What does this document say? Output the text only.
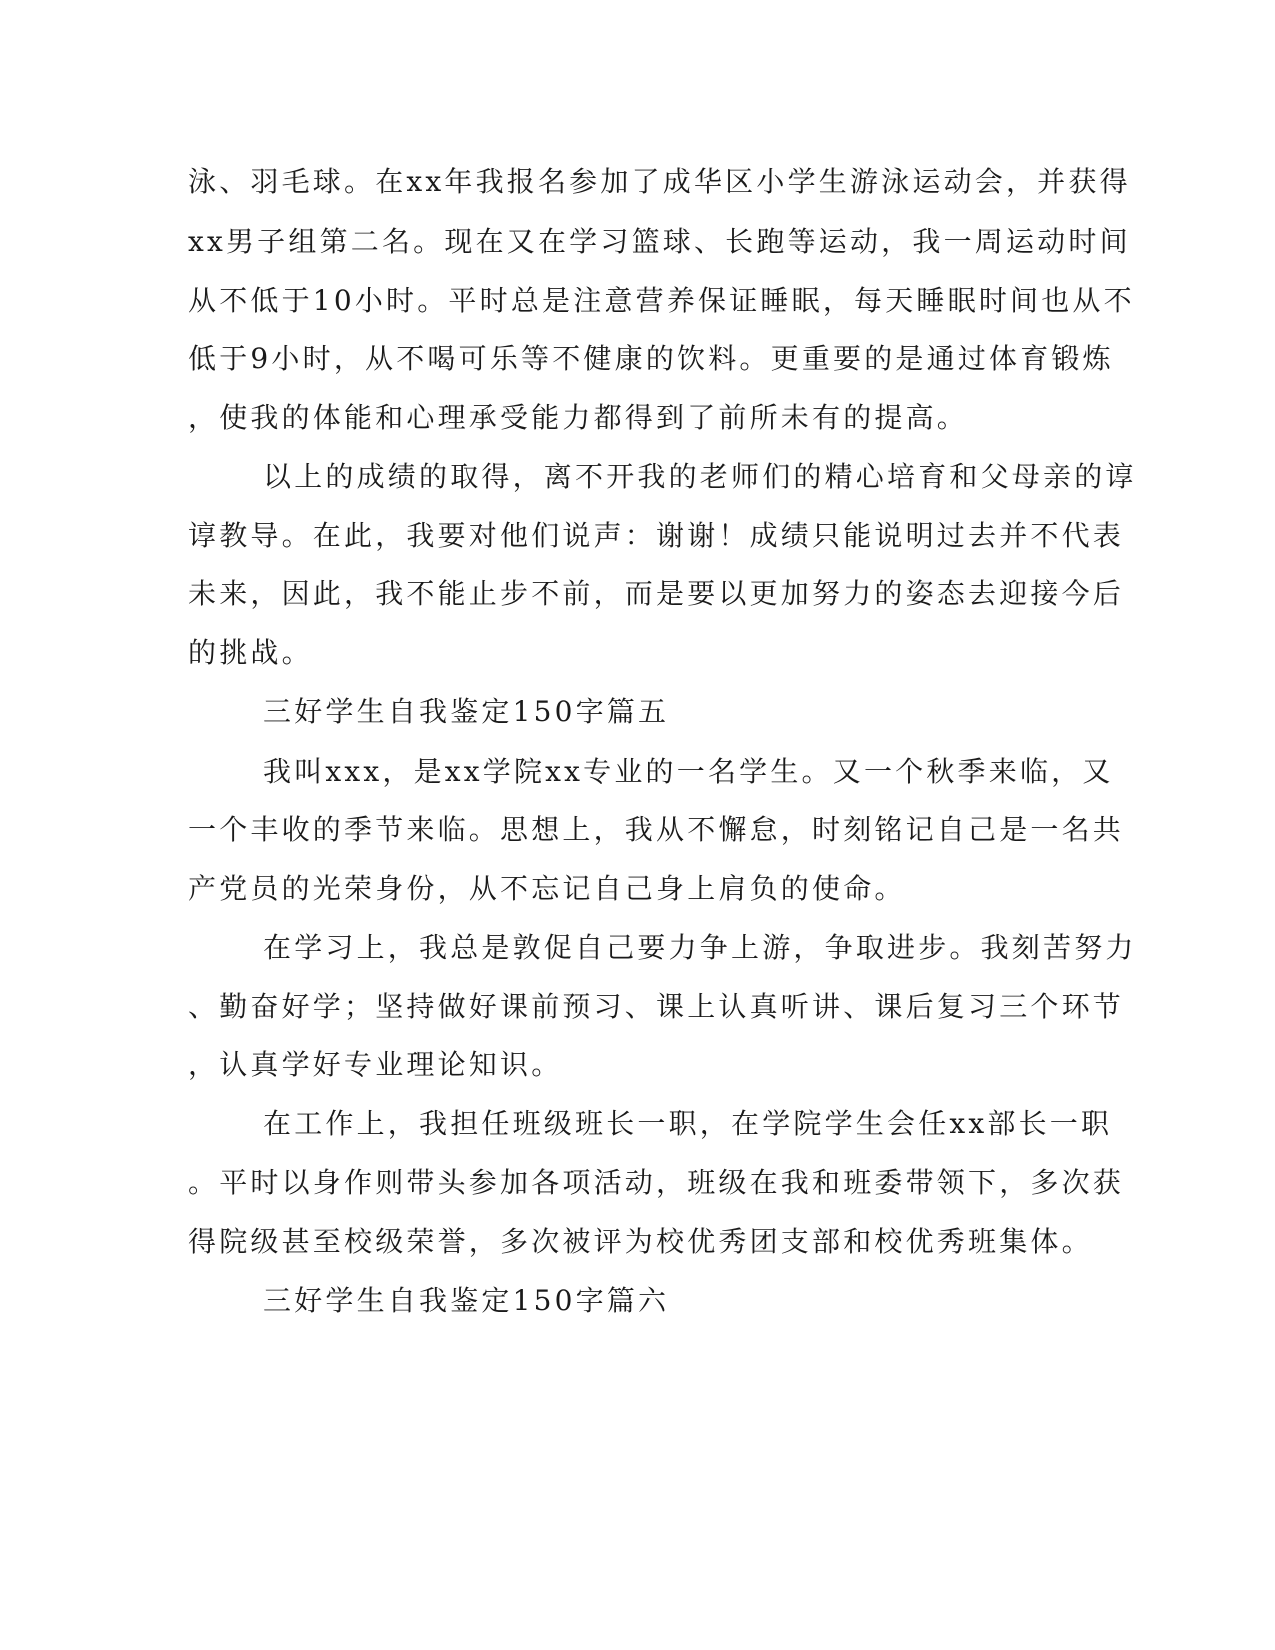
泳、羽毛球。在xx年我报名参加了成华区小学生游泳运动会，并获得
xx男子组第二名。现在又在学习篮球、长跑等运动，我一周运动时间
从不低于10小时。平时总是注意营养保证睡眠，每天睡眠时间也从不
低于9小时，从不喝可乐等不健康的饮料。更重要的是通过体育锻炼
，使我的体能和心理承受能力都得到了前所未有的提高。
以上的成绩的取得，离不开我的老师们的精心培育和父母亲的谆
谆教导。在此，我要对他们说声：谢谢！成绩只能说明过去并不代表
未来，因此，我不能止步不前，而是要以更加努力的姿态去迎接今后
的挑战。
三好学生自我鉴定150字篇五
我叫xxx，是xx学院xx专业的一名学生。又一个秋季来临，又
一个丰收的季节来临。思想上，我从不懈怠，时刻铭记自己是一名共
产党员的光荣身份，从不忘记自己身上肩负的使命。
在学习上，我总是敦促自己要力争上游，争取进步。我刻苦努力
、勤奋好学；坚持做好课前预习、课上认真听讲、课后复习三个环节
，认真学好专业理论知识。
在工作上，我担任班级班长一职，在学院学生会任xx部长一职
。平时以身作则带头参加各项活动，班级在我和班委带领下，多次获
得院级甚至校级荣誉，多次被评为校优秀团支部和校优秀班集体。
三好学生自我鉴定150字篇六
